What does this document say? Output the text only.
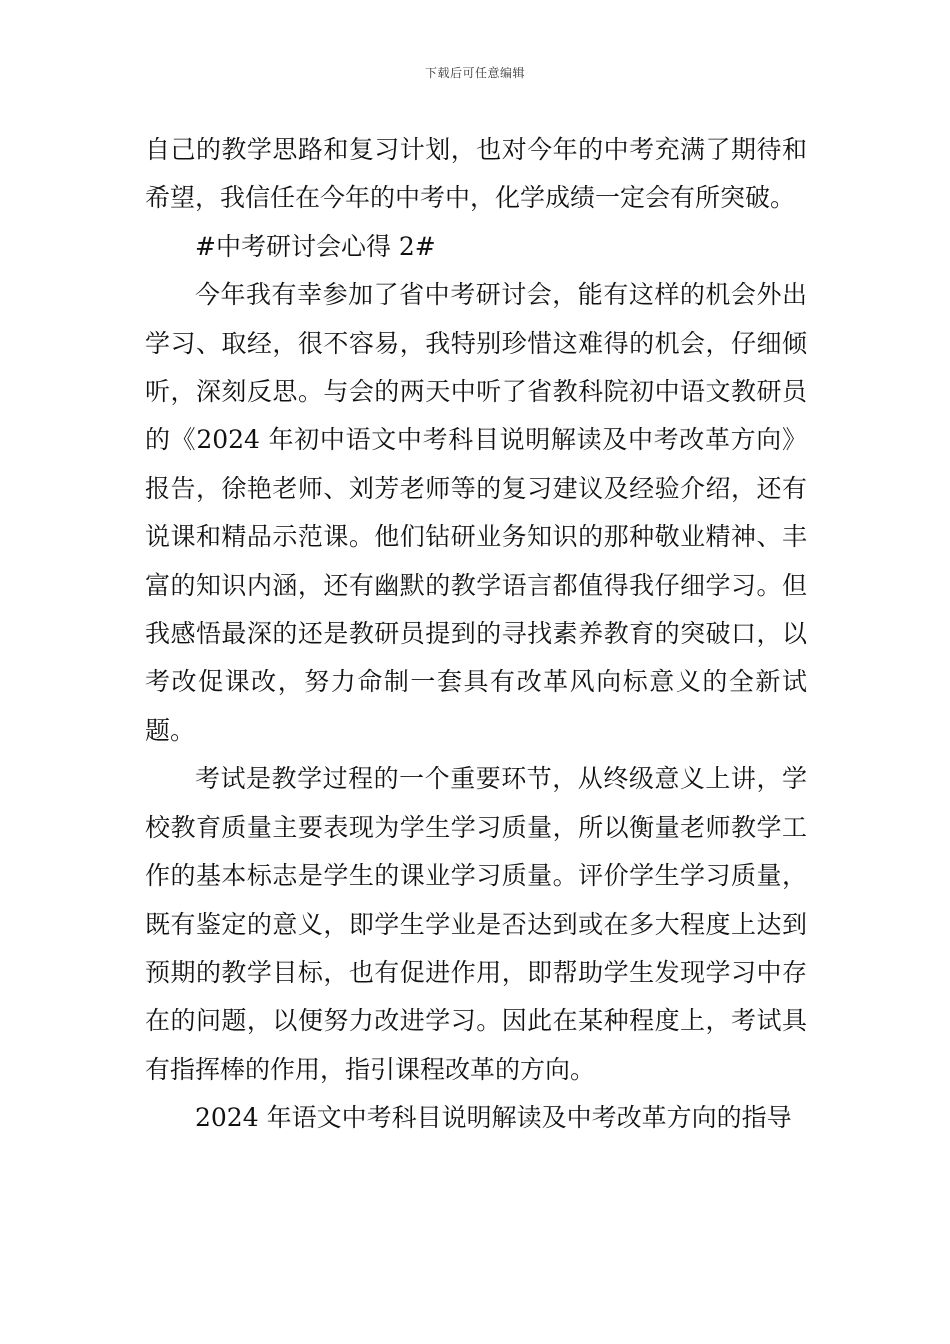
下载后可任意编辑

自己的教学思路和复习计划，也对今年的中考充满了期待和希望，我信任在今年的中考中，化学成绩一定会有所突破。

#中考研讨会心得 2#

今年我有幸参加了省中考研讨会，能有这样的机会外出学习、取经，很不容易，我特别珍惜这难得的机会，仔细倾听，深刻反思。与会的两天中听了省教科院初中语文教研员的《2024 年初中语文中考科目说明解读及中考改革方向》报告，徐艳老师、刘芳老师等的复习建议及经验介绍，还有说课和精品示范课。他们钻研业务知识的那种敬业精神、丰富的知识内涵，还有幽默的教学语言都值得我仔细学习。但我感悟最深的还是教研员提到的寻找素养教育的突破口，以考改促课改，努力命制一套具有改革风向标意义的全新试题。

考试是教学过程的一个重要环节，从终级意义上讲，学校教育质量主要表现为学生学习质量，所以衡量老师教学工作的基本标志是学生的课业学习质量。评价学生学习质量，既有鉴定的意义，即学生学业是否达到或在多大程度上达到预期的教学目标，也有促进作用，即帮助学生发现学习中存在的问题，以便努力改进学习。因此在某种程度上，考试具有指挥棒的作用，指引课程改革的方向。

2024 年语文中考科目说明解读及中考改革方向的指导
